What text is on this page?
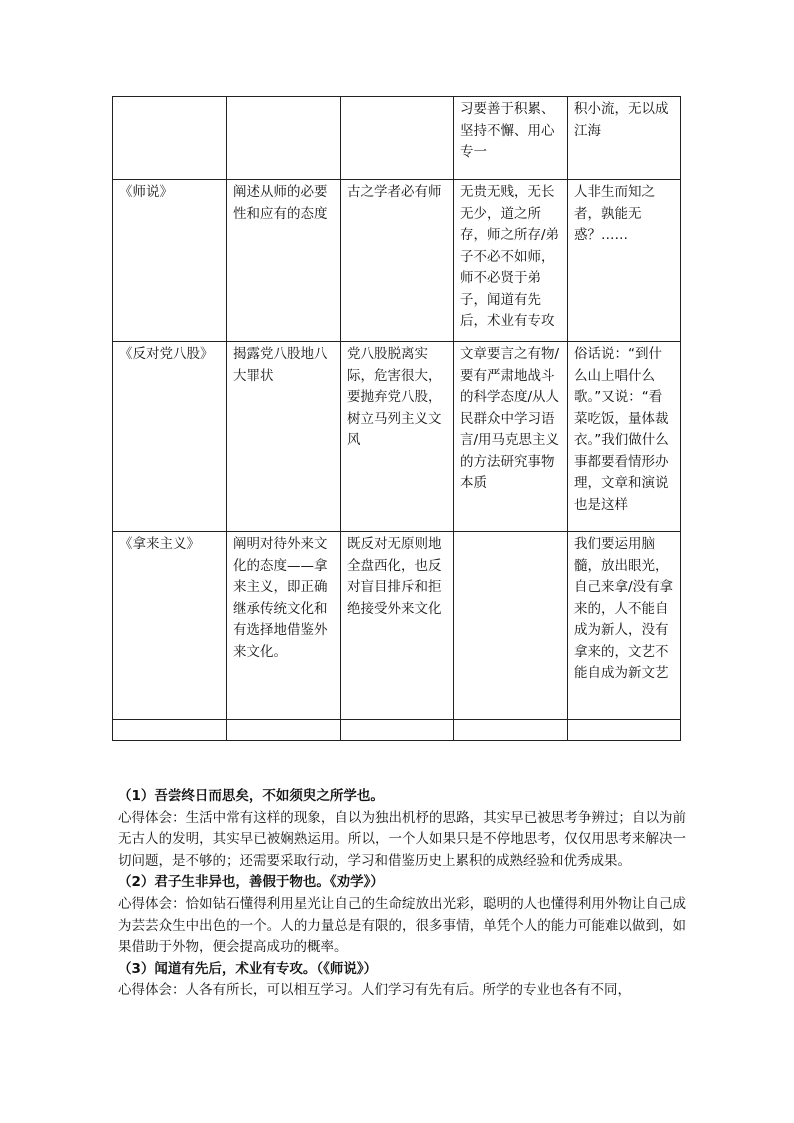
			习要善于积累、坚持不懈、用心专一	积小流，无以成江海
《师说》	阐述从师的必要性和应有的态度	古之学者必有师	无贵无贱，无长无少，道之所存，师之所存/弟子不必不如师，师不必贤于弟子，闻道有先后，术业有专攻	人非生而知之者，孰能无惑？……
《反对党八股》	揭露党八股地八大罪状	党八股脱离实际，危害很大，要抛弃党八股，树立马列主义文风	文章要言之有物/要有严肃地战斗的科学态度/从人民群众中学习语言/用马克思主义的方法研究事物本质	俗话说：“到什么山上唱什么歌。”又说：“看菜吃饭，量体裁衣。”我们做什么事都要看情形办理，文章和演说也是这样
《拿来主义》	阐明对待外来文化的态度——拿来主义，即正确继承传统文化和有选择地借鉴外来文化。	既反对无原则地全盘西化，也反对盲目排斥和拒绝接受外来文化		我们要运用脑髓，放出眼光，自己来拿/没有拿来的，人不能自成为新人，没有拿来的，文艺不能自成为新文艺

（1）吾尝终日而思矣，不如须臾之所学也。

心得体会：生活中常有这样的现象，自以为独出机杼的思路，其实早已被思考争辨过；自以为前无古人的发明，其实早已被娴熟运用。所以，一个人如果只是不停地思考，仅仅用思考来解决一切问题，是不够的；还需要采取行动，学习和借鉴历史上累积的成熟经验和优秀成果。

（2）君子生非异也，善假于物也。《劝学》）

心得体会：恰如钻石懂得利用星光让自己的生命绽放出光彩，聪明的人也懂得利用外物让自己成为芸芸众生中出色的一个。人的力量总是有限的，很多事情，单凭个人的能力可能难以做到，如果借助于外物，便会提高成功的概率。

（3）闻道有先后，术业有专攻。（《师说》）

心得体会：人各有所长，可以相互学习。人们学习有先有后。所学的专业也各有不同，
